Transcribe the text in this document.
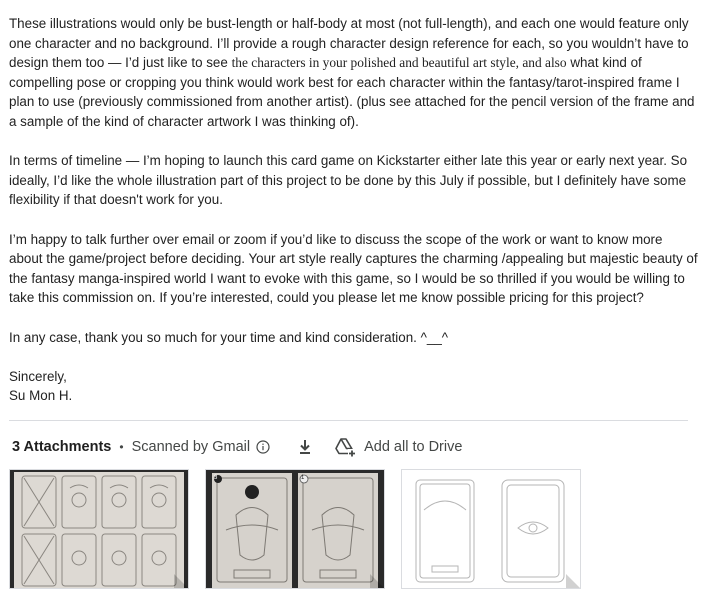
These illustrations would only be bust-length or half-body at most (not full-length), and each one would feature only one character and no background. I’ll provide a rough character design reference for each, so you wouldn’t have to design them too — I’d just like to see the characters in your polished and beautiful art style, and also what kind of compelling pose or cropping you think would work best for each character within the fantasy/tarot-inspired frame I plan to use (previously commissioned from another artist). (plus see attached for the pencil version of the frame and a sample of the kind of character artwork I was thinking of).

In terms of timeline — I’m hoping to launch this card game on Kickstarter either late this year or early next year. So ideally, I’d like the whole illustration part of this project to be done by this July if possible, but I definitely have some flexibility if that doesn't work for you.

I’m happy to talk further over email or zoom if you’d like to discuss the scope of the work or want to know more about the game/project before deciding. Your art style really captures the charming /appealing but majestic beauty of the fantasy manga-inspired world I want to evoke with this game, so I would be so thrilled if you would be willing to take this commission on. If you’re interested, could you please let me know possible pricing for this project?

In any case, thank you so much for your time and kind consideration. ^__^

Sincerely,

Su Mon H.

3 Attachments • Scanned by Gmail	Add all to Drive
3	1
